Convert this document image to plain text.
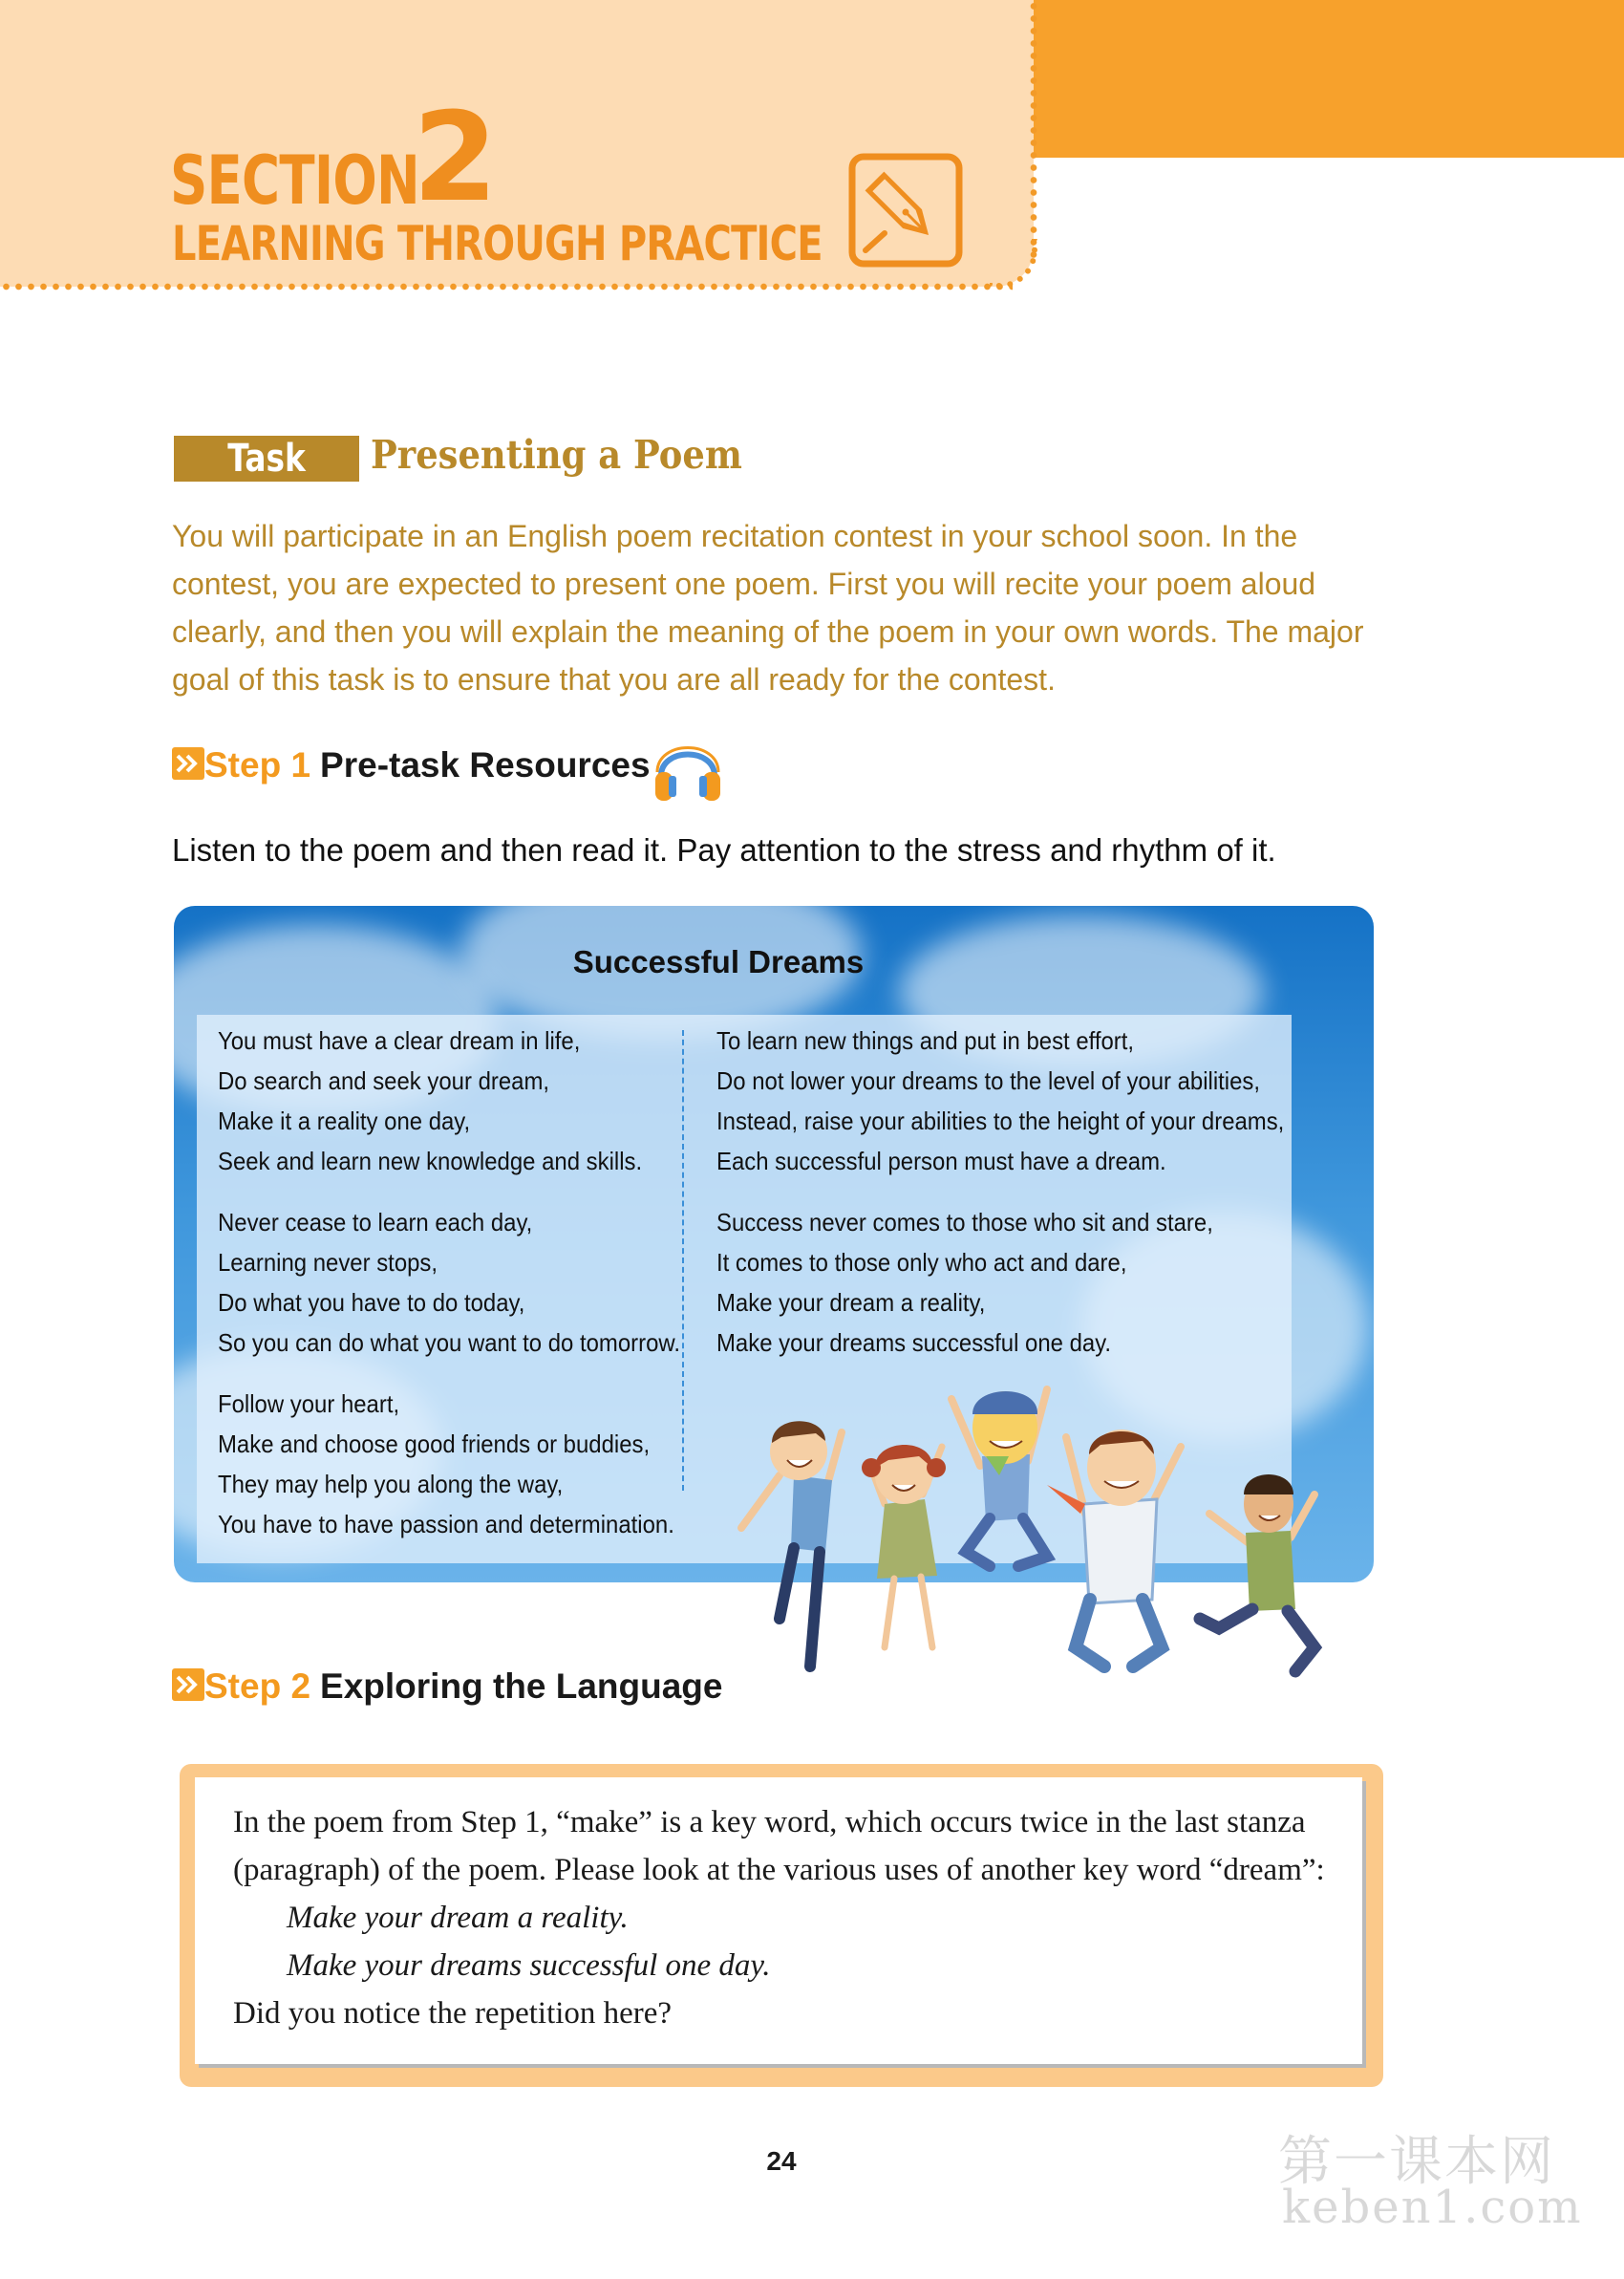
SECTION
2
LEARNING THROUGH PRACTICE
Task One
Presenting a Poem

You will participate in an English poem recitation contest in your school soon. In the contest, you are expected to present one poem. First you will recite your poem aloud clearly, and then you will explain the meaning of the poem in your own words. The major goal of this task is to ensure that you are all ready for the contest.

Step 1 Pre-task Resources

Listen to the poem and then read it. Pay attention to the stress and rhythm of it.

Successful Dreams
You must have a clear dream in life,
Do search and seek your dream,
Make it a reality one day,
Seek and learn new knowledge and skills.
Never cease to learn each day,
Learning never stops,
Do what you have to do today,
So you can do what you want to do tomorrow.
Follow your heart,
Make and choose good friends or buddies,
They may help you along the way,
You have to have passion and determination.
To learn new things and put in best effort,
Do not lower your dreams to the level of your abilities,
Instead, raise your abilities to the height of your dreams,
Each successful person must have a dream.
Success never comes to those who sit and stare,
It comes to those only who act and dare,
Make your dream a reality,
Make your dreams successful one day.
Step 2 Exploring the Language
In the poem from Step 1, “make” is a key word, which occurs twice in the last stanza (paragraph) of the poem. Please look at the various uses of another key word “dream”:
Make your dream a reality.
Make your dreams successful one day.
Did you notice the repetition here?
24	第一课本网
keben1.com
